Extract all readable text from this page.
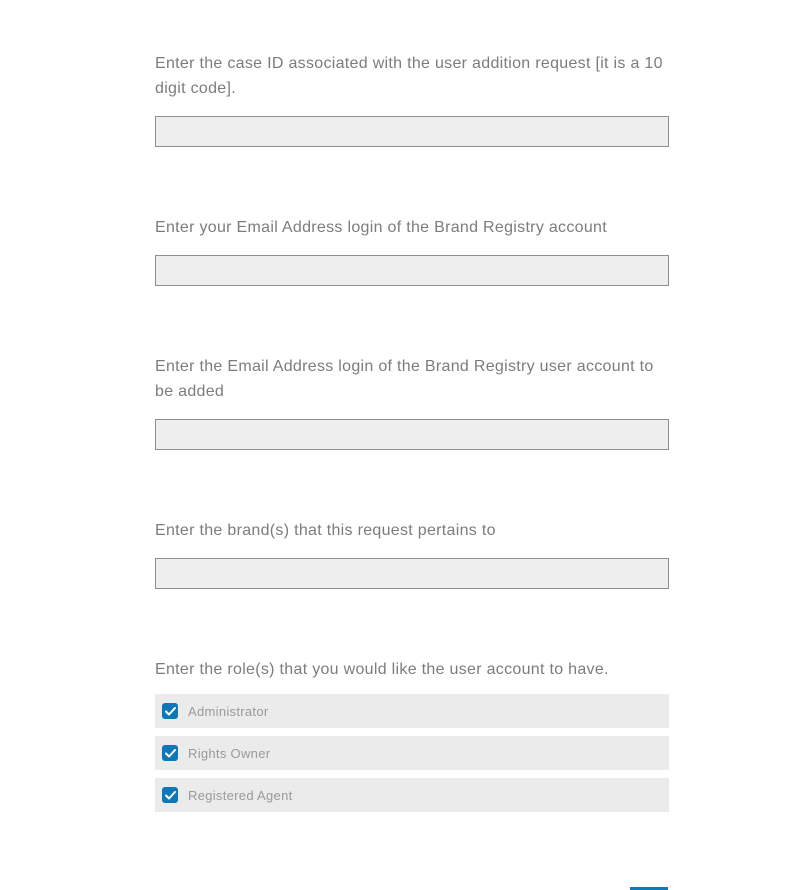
Enter the case ID associated with the user addition request [it is a 10 digit code].
Enter your Email Address login of the Brand Registry account
Enter the Email Address login of the Brand Registry user account to be added
Enter the brand(s) that this request pertains to
Enter the role(s) that you would like the user account to have.
Administrator
Rights Owner
Registered Agent
